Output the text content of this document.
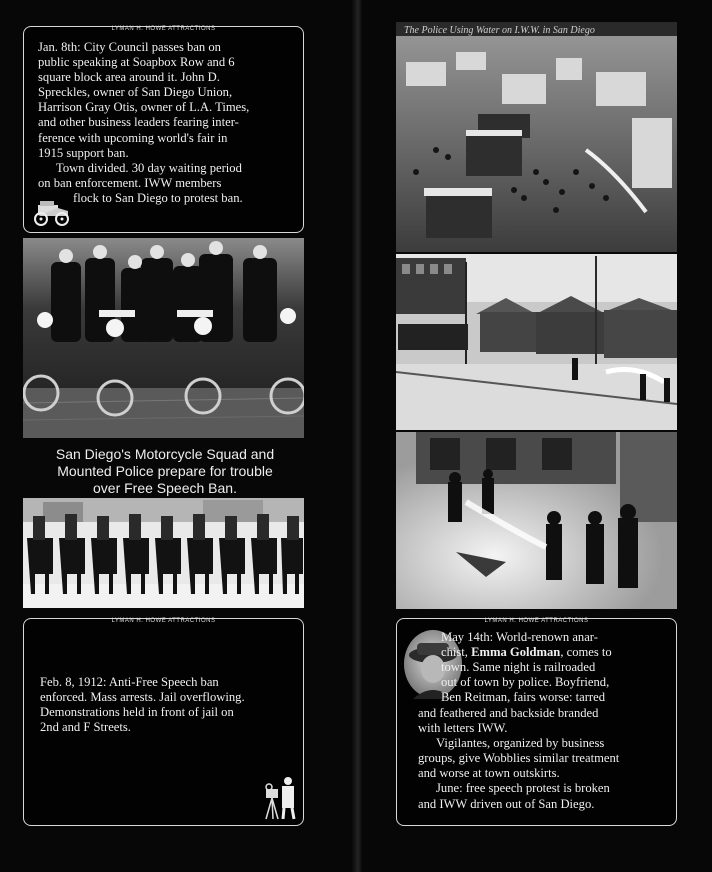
LYMAN H. HOWE ATTRACTIONS

Jan. 8th: City Council passes ban on

public speaking at Soapbox Row and 6

square block area around it. John D.

Spreckles, owner of San Diego Union,

Harrison Gray Otis, owner of L.A. Times,

and other business leaders fearing inter-

ference with upcoming world's fair in

1915 support ban.

Town divided. 30 day waiting period

on ban enforcement. IWW members

flock to San Diego to protest ban.

San Diego's Motorcycle Squad and
Mounted Police prepare for trouble
over Free Speech Ban.
LYMAN H. HOWE ATTRACTIONS

Feb. 8, 1912: Anti-Free Speech ban

enforced. Mass arrests. Jail overflowing.

Demonstrations held in front of jail on

2nd and F Streets.

The Police Using Water on I.W.W. in San Diego
LYMAN H. HOWE ATTRACTIONS

May 14th: World-renown anar-

chist, Emma Goldman, comes to

town. Same night is railroaded

out of town by police. Boyfriend,

Ben Reitman, fairs worse: tarred

and feathered and backside branded

with letters IWW.

Vigilantes, organized by business

groups, give Wobblies similar treatment

and worse at town outskirts.

June: free speech protest is broken

and IWW driven out of San Diego.
